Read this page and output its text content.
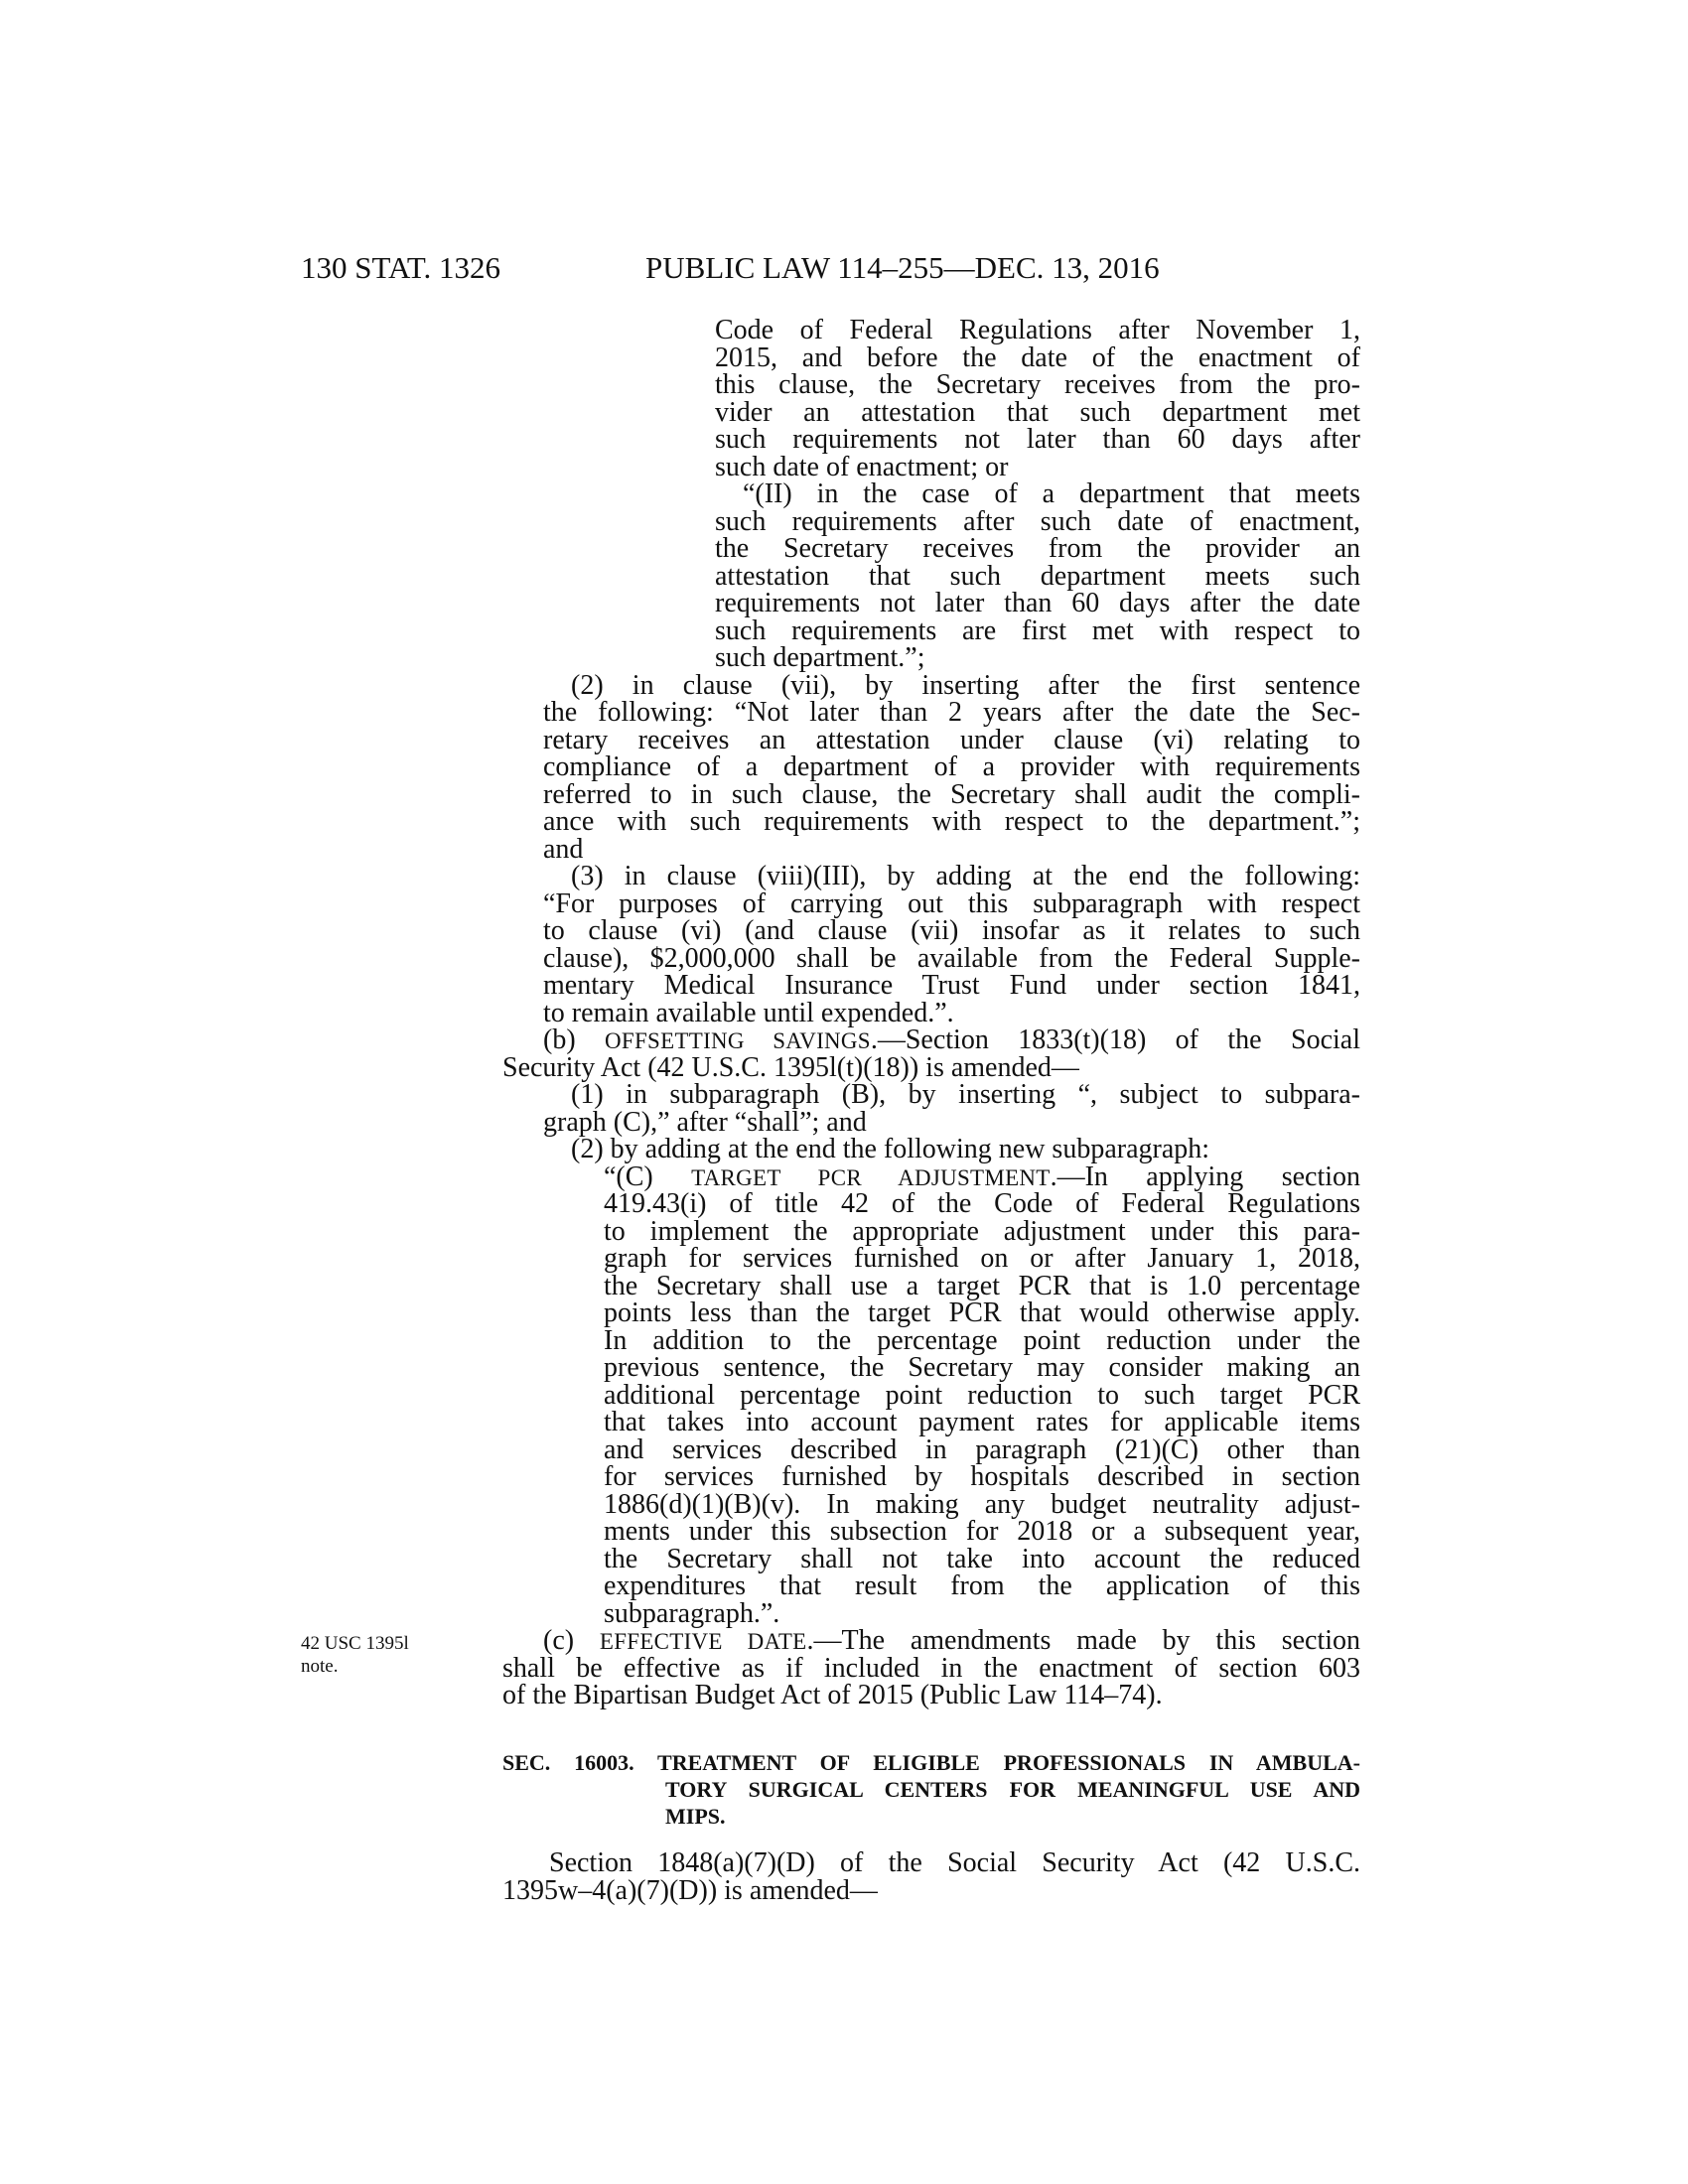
130 STAT. 1326	PUBLIC LAW 114–255—DEC. 13, 2016
Code of Federal Regulations after November 1,
2015, and before the date of the enactment of
this clause, the Secretary receives from the pro-
vider an attestation that such department met
such requirements not later than 60 days after
such date of enactment; or
“(II) in the case of a department that meets
such requirements after such date of enactment,
the Secretary receives from the provider an
attestation that such department meets such
requirements not later than 60 days after the date
such requirements are first met with respect to
such department.”;
(2) in clause (vii), by inserting after the first sentence
the following: “Not later than 2 years after the date the Sec-
retary receives an attestation under clause (vi) relating to
compliance of a department of a provider with requirements
referred to in such clause, the Secretary shall audit the compli-
ance with such requirements with respect to the department.”;
and
(3) in clause (viii)(III), by adding at the end the following:
“For purposes of carrying out this subparagraph with respect
to clause (vi) (and clause (vii) insofar as it relates to such
clause), $2,000,000 shall be available from the Federal Supple-
mentary Medical Insurance Trust Fund under section 1841,
to remain available until expended.”.
(b) OFFSETTING SAVINGS.—Section 1833(t)(18) of the Social
Security Act (42 U.S.C. 1395l(t)(18)) is amended—
(1) in subparagraph (B), by inserting “, subject to subpara-
graph (C),” after “shall”; and
(2) by adding at the end the following new subparagraph:
“(C) TARGET PCR ADJUSTMENT.—In applying section
419.43(i) of title 42 of the Code of Federal Regulations
to implement the appropriate adjustment under this para-
graph for services furnished on or after January 1, 2018,
the Secretary shall use a target PCR that is 1.0 percentage
points less than the target PCR that would otherwise apply.
In addition to the percentage point reduction under the
previous sentence, the Secretary may consider making an
additional percentage point reduction to such target PCR
that takes into account payment rates for applicable items
and services described in paragraph (21)(C) other than
for services furnished by hospitals described in section
1886(d)(1)(B)(v). In making any budget neutrality adjust-
ments under this subsection for 2018 or a subsequent year,
the Secretary shall not take into account the reduced
expenditures that result from the application of this
subparagraph.”.
(c) EFFECTIVE DATE.—The amendments made by this section
shall be effective as if included in the enactment of section 603
of the Bipartisan Budget Act of 2015 (Public Law 114–74).
SEC. 16003. TREATMENT OF ELIGIBLE PROFESSIONALS IN AMBULA-
TORY SURGICAL CENTERS FOR MEANINGFUL USE AND
MIPS.
Section 1848(a)(7)(D) of the Social Security Act (42 U.S.C.
1395w–4(a)(7)(D)) is amended—
42 USC 1395l
note.
